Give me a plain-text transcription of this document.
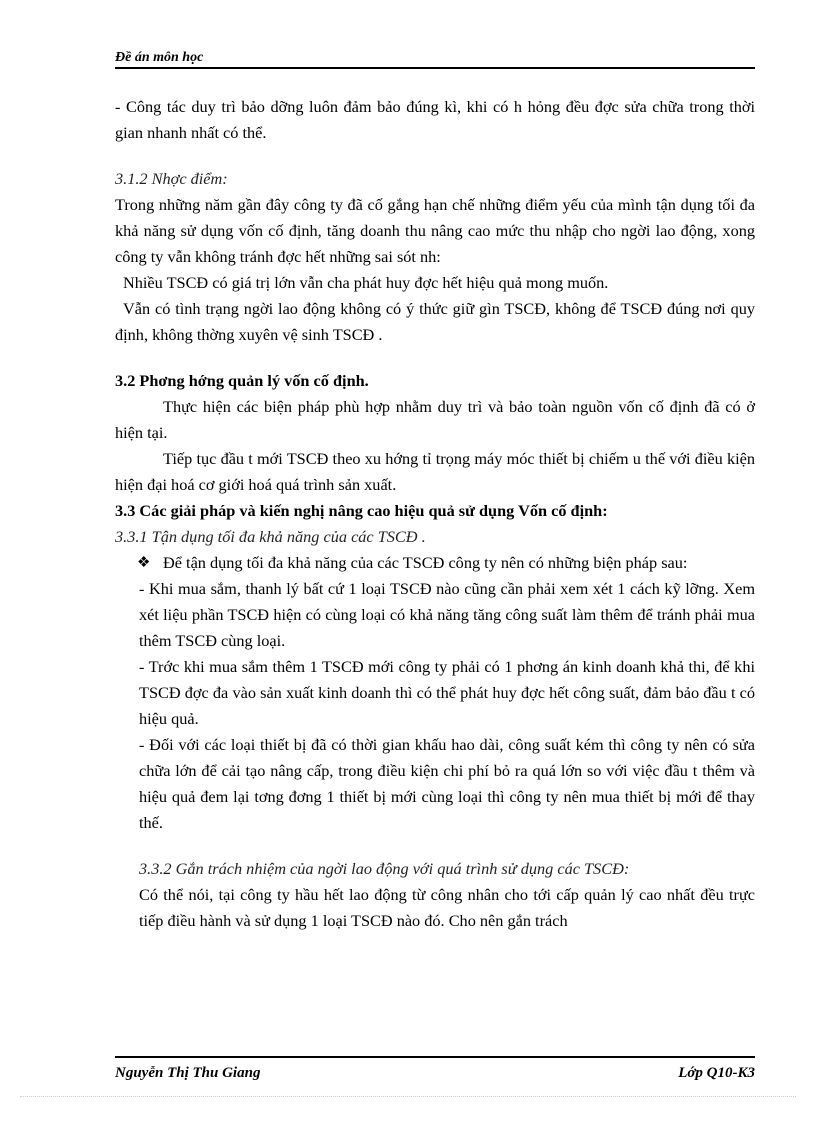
Đề án môn học

- Công tác duy trì bảo dỡng luôn đảm bảo đúng kì, khi có h hỏng đều đợc sửa chữa trong thời gian nhanh nhất có thể.

3.1.2 Nhợc điểm:

Trong những năm gần đây công ty đã cố gắng hạn chế những điểm yếu của mình tận dụng tối đa khả năng sử dụng vốn cố định, tăng doanh thu nâng cao mức thu nhập cho ngời lao động, xong công ty vẫn không tránh đợc hết những sai sót nh:

Nhiều TSCĐ có giá trị lớn vẫn cha phát huy đợc hết hiệu quả mong muốn.

Vẫn có tình trạng ngời lao động không có ý thức giữ gìn TSCĐ, không để TSCĐ đúng nơi quy định, không thờng xuyên vệ sinh TSCĐ .

3.2 Phơng hớng quản lý vốn cố định.

Thực hiện các biện pháp phù hợp nhằm duy trì và bảo toàn nguồn vốn cố định đã có ở hiện tại.

Tiếp tục đầu t mới TSCĐ theo xu hớng tỉ trọng máy móc thiết bị chiếm u thế với điều kiện hiện đại hoá cơ giới hoá quá trình sản xuất.

3.3 Các giải pháp và kiến nghị nâng cao hiệu quả sử dụng Vốn cố định:

3.3.1 Tận dụng tối đa khả năng của các TSCĐ .

❖ Để tận dụng tối đa khả năng của các TSCĐ công ty nên có những biện pháp sau:

- Khi mua sắm, thanh lý bất cứ 1 loại TSCĐ nào cũng cần phải xem xét 1 cách kỹ lỡng. Xem xét liệu phần TSCĐ hiện có cùng loại có khả năng tăng công suất làm thêm để tránh phải mua thêm TSCĐ cùng loại.

- Trớc khi mua sắm thêm 1 TSCĐ mới công ty phải có 1 phơng án kinh doanh khả thi, để khi TSCĐ đợc đa vào sản xuất kinh doanh thì có thể phát huy đợc hết công suất, đảm bảo đầu t có hiệu quả.

- Đối với các loại thiết bị đã có thời gian khấu hao dài, công suất kém thì công ty nên có sửa chữa lớn để cải tạo nâng cấp, trong điều kiện chi phí bỏ ra quá lớn so với việc đầu t thêm và hiệu quả đem lại tơng đơng 1 thiết bị mới cùng loại thì công ty nên mua thiết bị mới để thay thế.

3.3.2 Gắn trách nhiệm của ngời lao động với quá trình sử dụng các TSCĐ:

Có thể nói, tại công ty hầu hết lao động từ công nhân cho tới cấp quản lý cao nhất đều trực tiếp điều hành và sử dụng 1 loại TSCĐ nào đó. Cho nên gắn trách

Nguyễn Thị Thu Giang	Lớp Q10-K3
